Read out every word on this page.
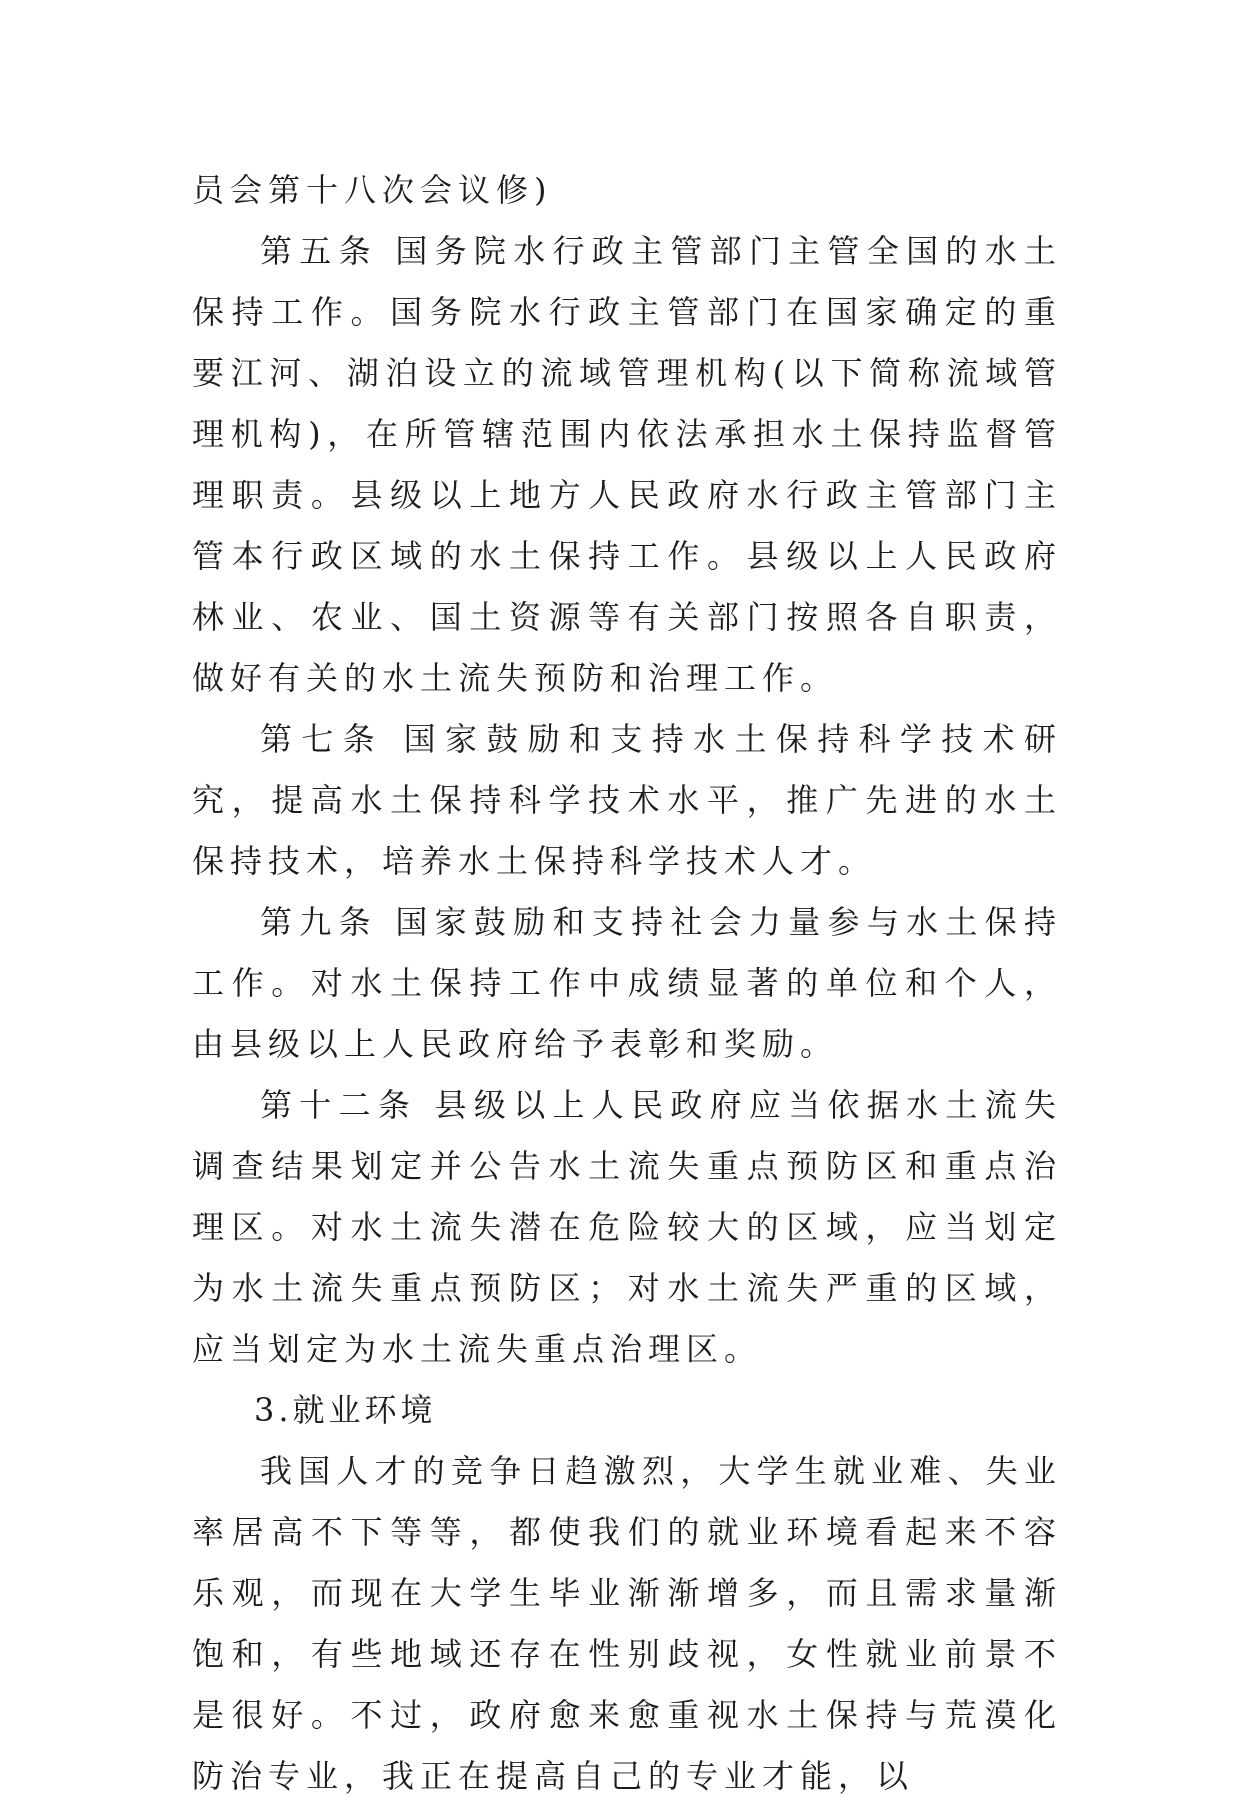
员会第十八次会议修)

第五条 国务院水行政主管部门主管全国的水土保持工作。国务院水行政主管部门在国家确定的重要江河、湖泊设立的流域管理机构(以下简称流域管理机构)，在所管辖范围内依法承担水土保持监督管理职责。县级以上地方人民政府水行政主管部门主管本行政区域的水土保持工作。县级以上人民政府林业、农业、国土资源等有关部门按照各自职责，做好有关的水土流失预防和治理工作。

第七条 国家鼓励和支持水土保持科学技术研究，提高水土保持科学技术水平，推广先进的水土保持技术，培养水土保持科学技术人才。

第九条 国家鼓励和支持社会力量参与水土保持工作。对水土保持工作中成绩显著的单位和个人，由县级以上人民政府给予表彰和奖励。

第十二条 县级以上人民政府应当依据水土流失调查结果划定并公告水土流失重点预防区和重点治理区。对水土流失潜在危险较大的区域，应当划定为水土流失重点预防区；对水土流失严重的区域，应当划定为水土流失重点治理区。

3.就业环境

我国人才的竞争日趋激烈，大学生就业难、失业率居高不下等等，都使我们的就业环境看起来不容乐观，而现在大学生毕业渐渐增多，而且需求量渐饱和，有些地域还存在性别歧视，女性就业前景不是很好。不过，政府愈来愈重视水土保持与荒漠化防治专业，我正在提高自己的专业才能，以
